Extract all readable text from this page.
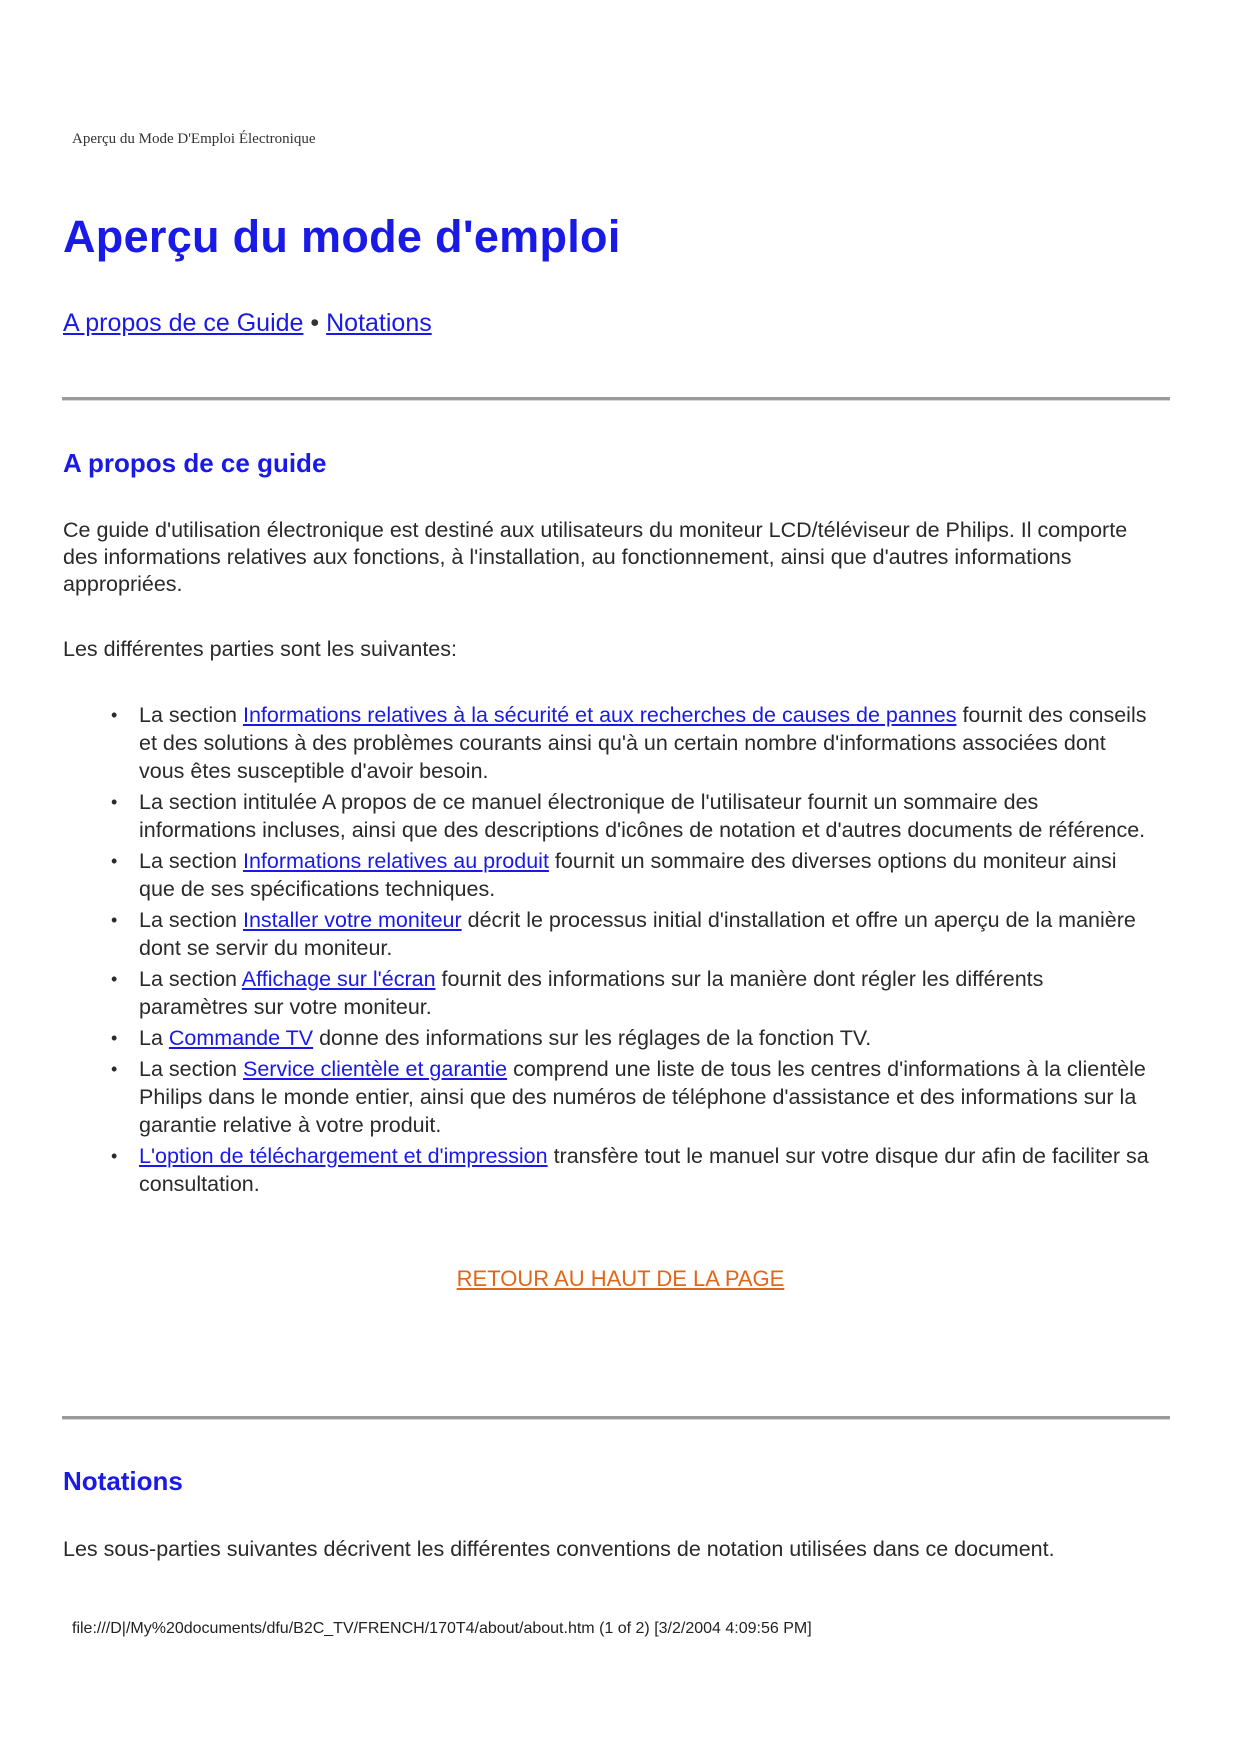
Aperçu du Mode D'Emploi Électronique
Aperçu du mode d'emploi
A propos de ce Guide • Notations
A propos de ce guide

Ce guide d'utilisation électronique est destiné aux utilisateurs du moniteur LCD/téléviseur de Philips. Il comporte des informations relatives aux fonctions, à l'installation, au fonctionnement, ainsi que d'autres informations appropriées.

Les différentes parties sont les suivantes:

• La section Informations relatives à la sécurité et aux recherches de causes de pannes fournit des conseils et des solutions à des problèmes courants ainsi qu'à un certain nombre d'informations associées dont vous êtes susceptible d'avoir besoin.
• La section intitulée A propos de ce manuel électronique de l'utilisateur fournit un sommaire des informations incluses, ainsi que des descriptions d'icônes de notation et d'autres documents de référence.
• La section Informations relatives au produit fournit un sommaire des diverses options du moniteur ainsi que de ses spécifications techniques.
• La section Installer votre moniteur décrit le processus initial d'installation et offre un aperçu de la manière dont se servir du moniteur.
• La section Affichage sur l'écran fournit des informations sur la manière dont régler les différents paramètres sur votre moniteur.
• La Commande TV donne des informations sur les réglages de la fonction TV.
• La section Service clientèle et garantie comprend une liste de tous les centres d'informations à la clientèle Philips dans le monde entier, ainsi que des numéros de téléphone d'assistance et des informations sur la garantie relative à votre produit.
• L'option de téléchargement et d'impression transfère tout le manuel sur votre disque dur afin de faciliter sa consultation.
RETOUR AU HAUT DE LA PAGE
Notations

Les sous-parties suivantes décrivent les différentes conventions de notation utilisées dans ce document.

file:///D|/My%20documents/dfu/B2C_TV/FRENCH/170T4/about/about.htm (1 of 2) [3/2/2004 4:09:56 PM]
